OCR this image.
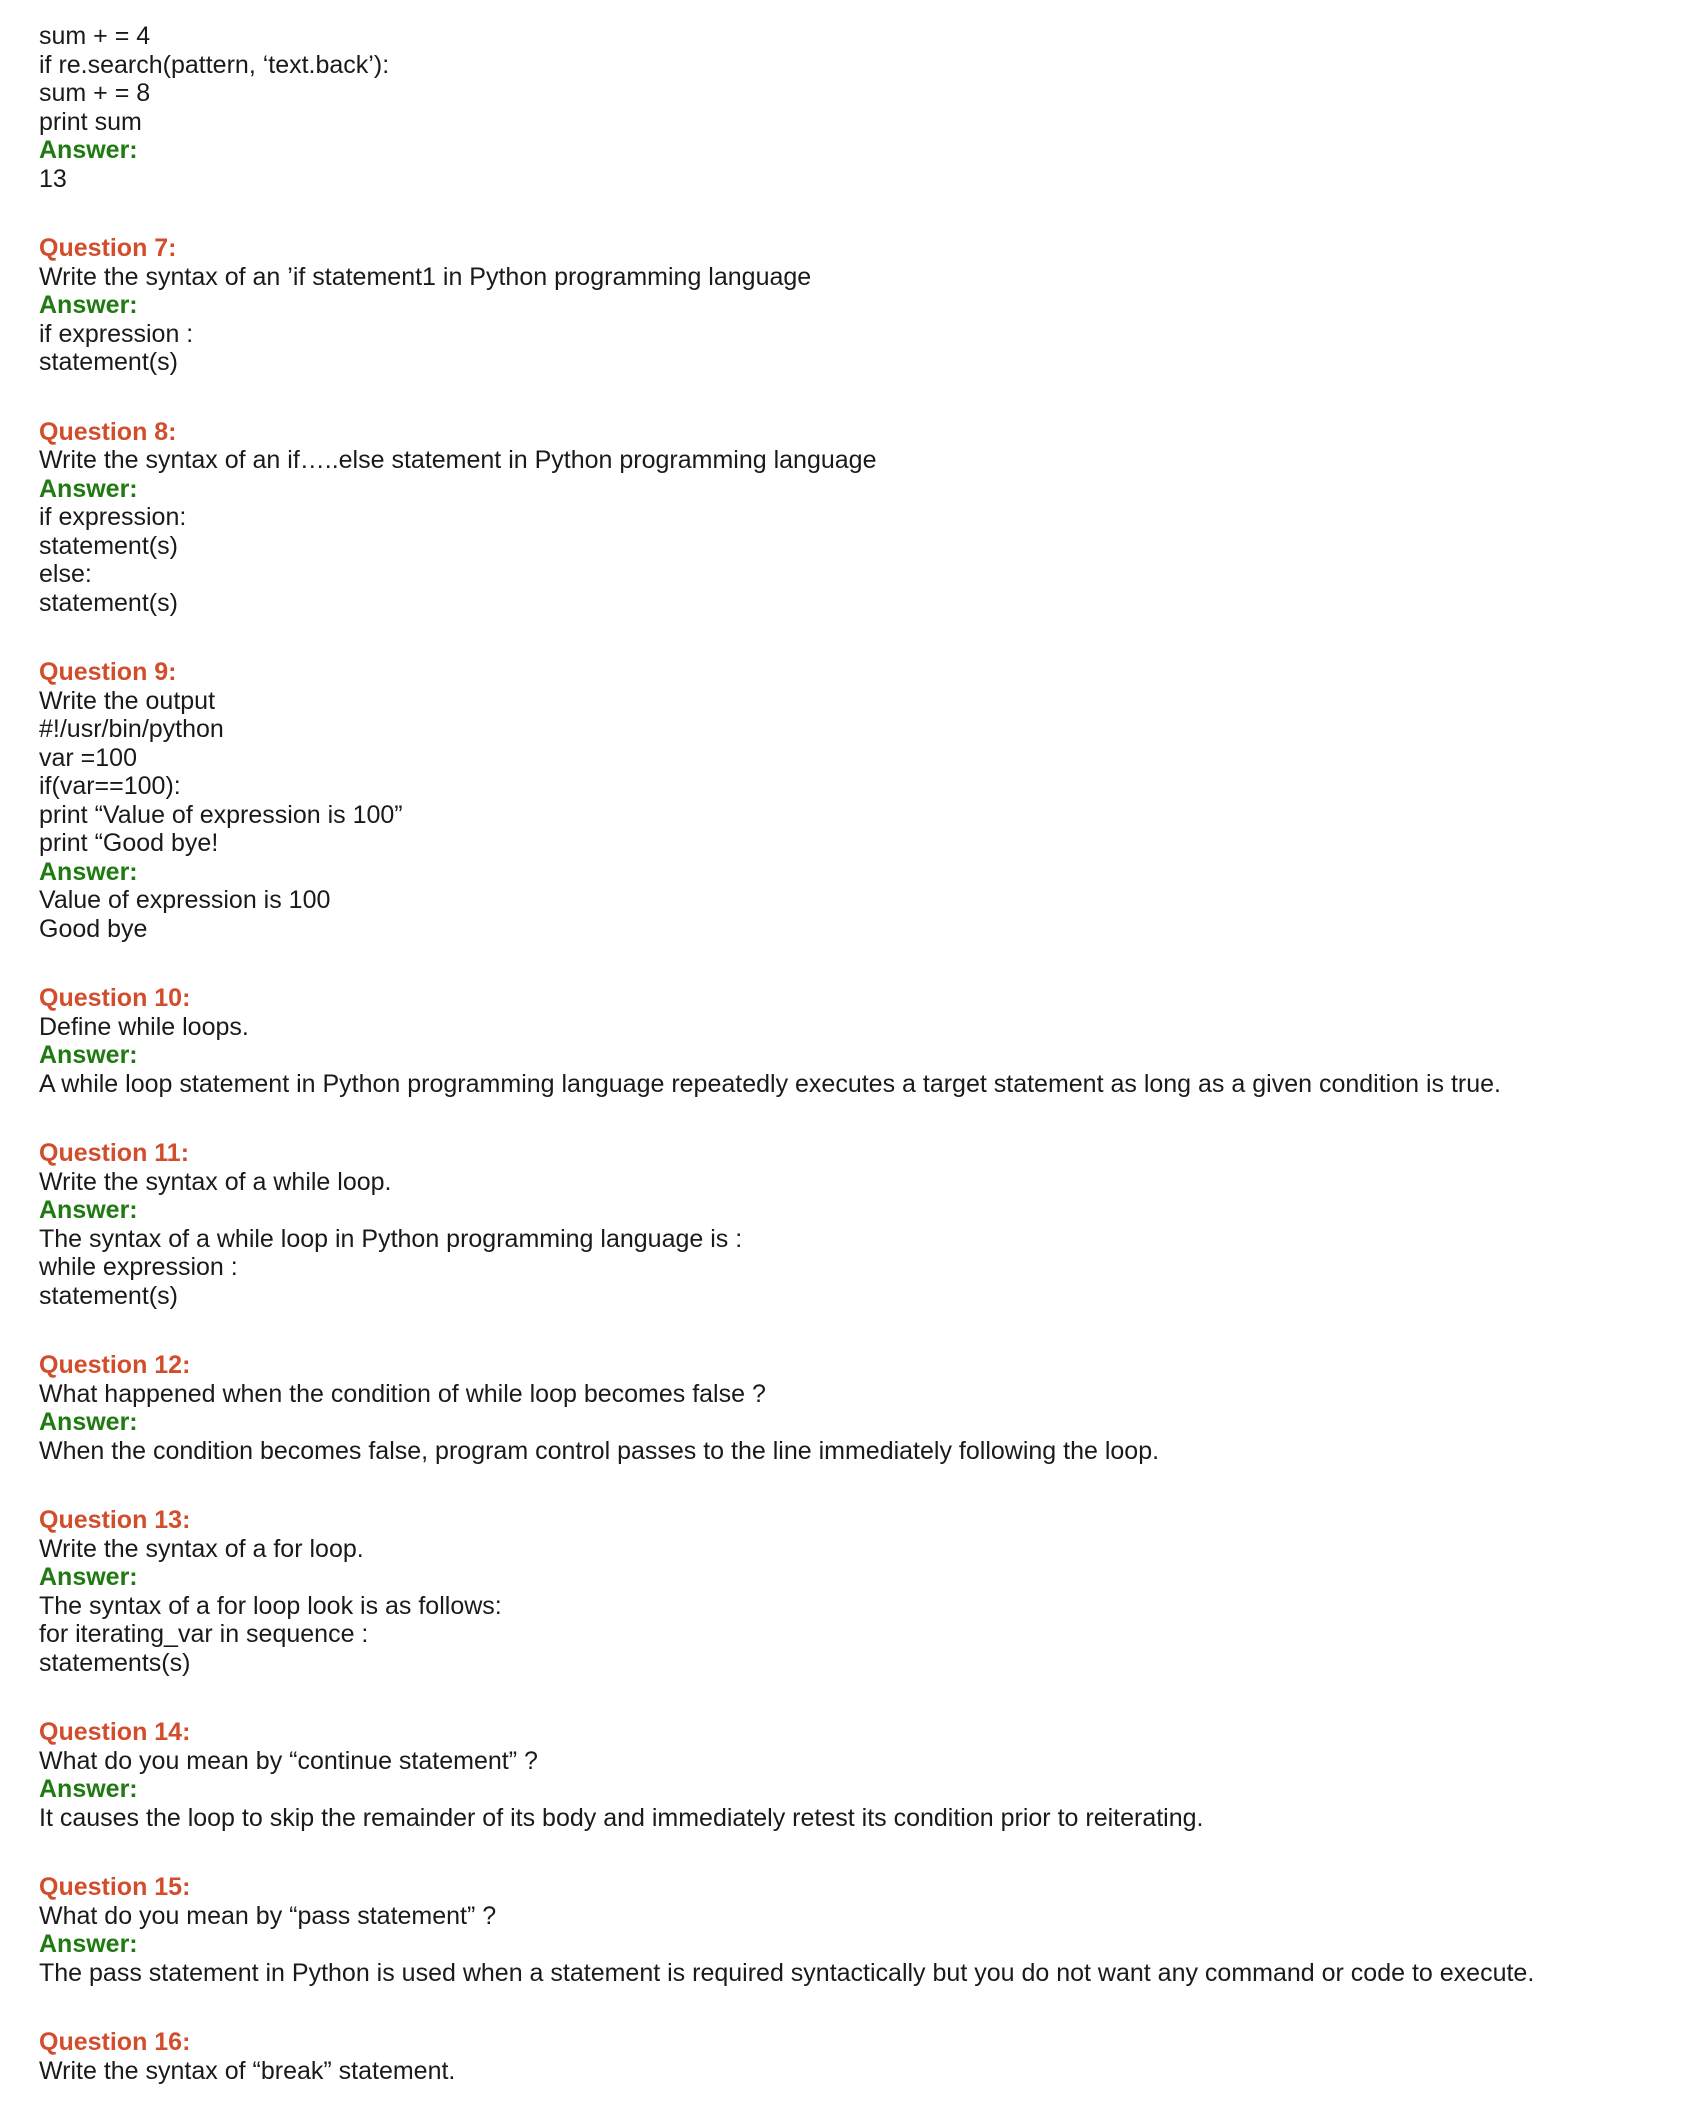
sum + = 4

if re.search(pattern, ‘text.back’):

sum + = 8

print sum

Answer:

13

Question 7:

Write the syntax of an ’if statement1 in Python programming language

Answer:

if expression :

statement(s)

Question 8:

Write the syntax of an if…..else statement in Python programming language

Answer:

if expression:

statement(s)

else:

statement(s)

Question 9:

Write the output

#!/usr/bin/python

var =100

if(var==100):

print “Value of expression is 100”

print “Good bye!

Answer:

Value of expression is 100

Good bye

Question 10:

Define while loops.

Answer:

A while loop statement in Python programming language repeatedly executes a target statement as long as a given condition is true.

Question 11:

Write the syntax of a while loop.

Answer:

The syntax of a while loop in Python programming language is :

while expression :

statement(s)

Question 12:

What happened when the condition of while loop becomes false ?

Answer:

When the condition becomes false, program control passes to the line immediately following the loop.

Question 13:

Write the syntax of a for loop.

Answer:

The syntax of a for loop look is as follows:

for iterating_var in sequence :

statements(s)

Question 14:

What do you mean by “continue statement” ?

Answer:

It causes the loop to skip the remainder of its body and immediately retest its condition prior to reiterating.

Question 15:

What do you mean by “pass statement” ?

Answer:

The pass statement in Python is used when a statement is required syntactically but you do not want any command or code to execute.

Question 16:

Write the syntax of “break” statement.
